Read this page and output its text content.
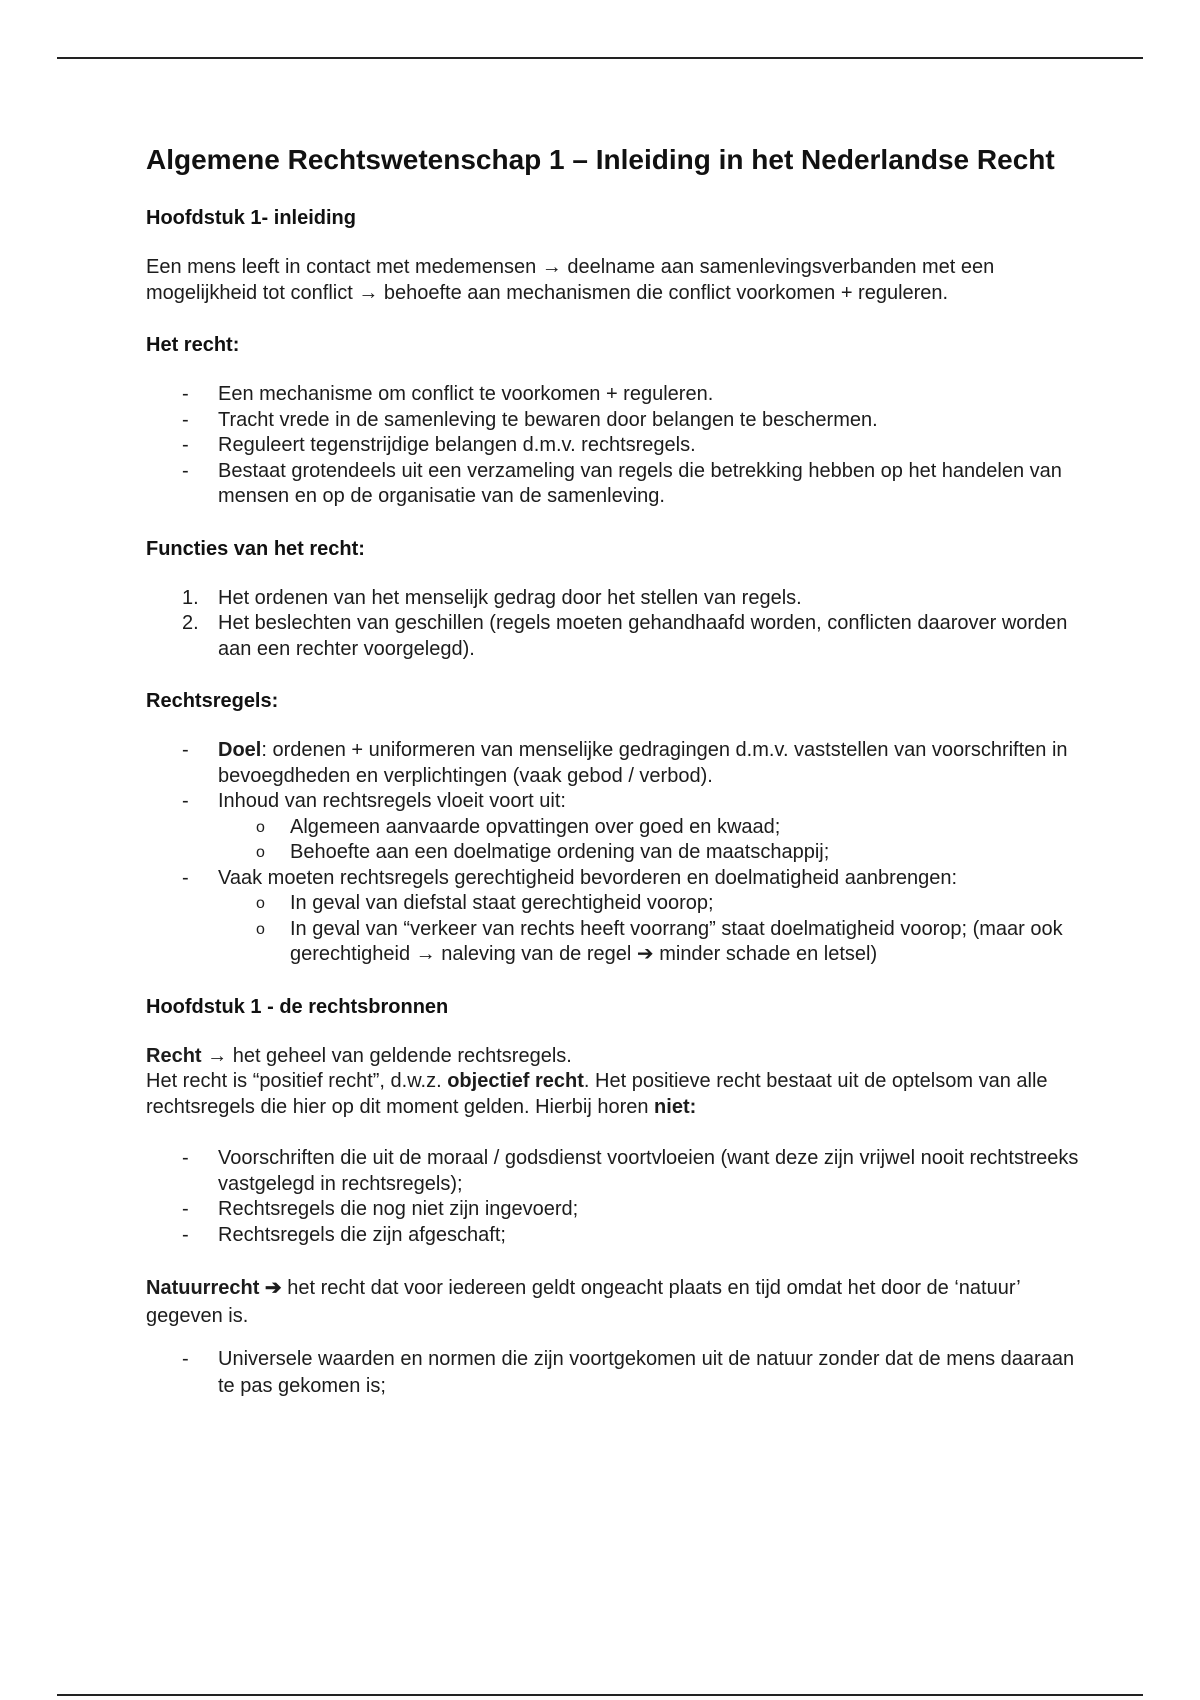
Algemene Rechtswetenschap 1 – Inleiding in het Nederlandse Recht
Hoofdstuk 1- inleiding

Een mens leeft in contact met medemensen → deelname aan samenlevingsverbanden met een mogelijkheid tot conflict → behoefte aan mechanismen die conflict voorkomen + reguleren.

Het recht:
- Een mechanisme om conflict te voorkomen + reguleren.
- Tracht vrede in de samenleving te bewaren door belangen te beschermen.
- Reguleert tegenstrijdige belangen d.m.v. rechtsregels.
- Bestaat grotendeels uit een verzameling van regels die betrekking hebben op het handelen van mensen en op de organisatie van de samenleving.
Functies van het recht:
1. Het ordenen van het menselijk gedrag door het stellen van regels.
2. Het beslechten van geschillen (regels moeten gehandhaafd worden, conflicten daarover worden aan een rechter voorgelegd).
Rechtsregels:
- Doel: ordenen + uniformeren van menselijke gedragingen d.m.v. vaststellen van voorschriften in bevoegdheden en verplichtingen (vaak gebod / verbod).
- Inhoud van rechtsregels vloeit voort uit:
o Algemeen aanvaarde opvattingen over goed en kwaad;
o Behoefte aan een doelmatige ordening van de maatschappij;
- Vaak moeten rechtsregels gerechtigheid bevorderen en doelmatigheid aanbrengen:
o In geval van diefstal staat gerechtigheid voorop;
o In geval van “verkeer van rechts heeft voorrang” staat doelmatigheid voorop; (maar ook gerechtigheid → naleving van de regel ➔ minder schade en letsel)
Hoofdstuk 1 - de rechtsbronnen

Recht → het geheel van geldende rechtsregels.
Het recht is “positief recht”, d.w.z. objectief recht. Het positieve recht bestaat uit de optelsom van alle rechtsregels die hier op dit moment gelden. Hierbij horen niet:

- Voorschriften die uit de moraal / godsdienst voortvloeien (want deze zijn vrijwel nooit rechtstreeks vastgelegd in rechtsregels);
- Rechtsregels die nog niet zijn ingevoerd;
- Rechtsregels die zijn afgeschaft;

Natuurrecht ➔ het recht dat voor iedereen geldt ongeacht plaats en tijd omdat het door de ‘natuur’ gegeven is.

- Universele waarden en normen die zijn voortgekomen uit de natuur zonder dat de mens daaraan te pas gekomen is;
